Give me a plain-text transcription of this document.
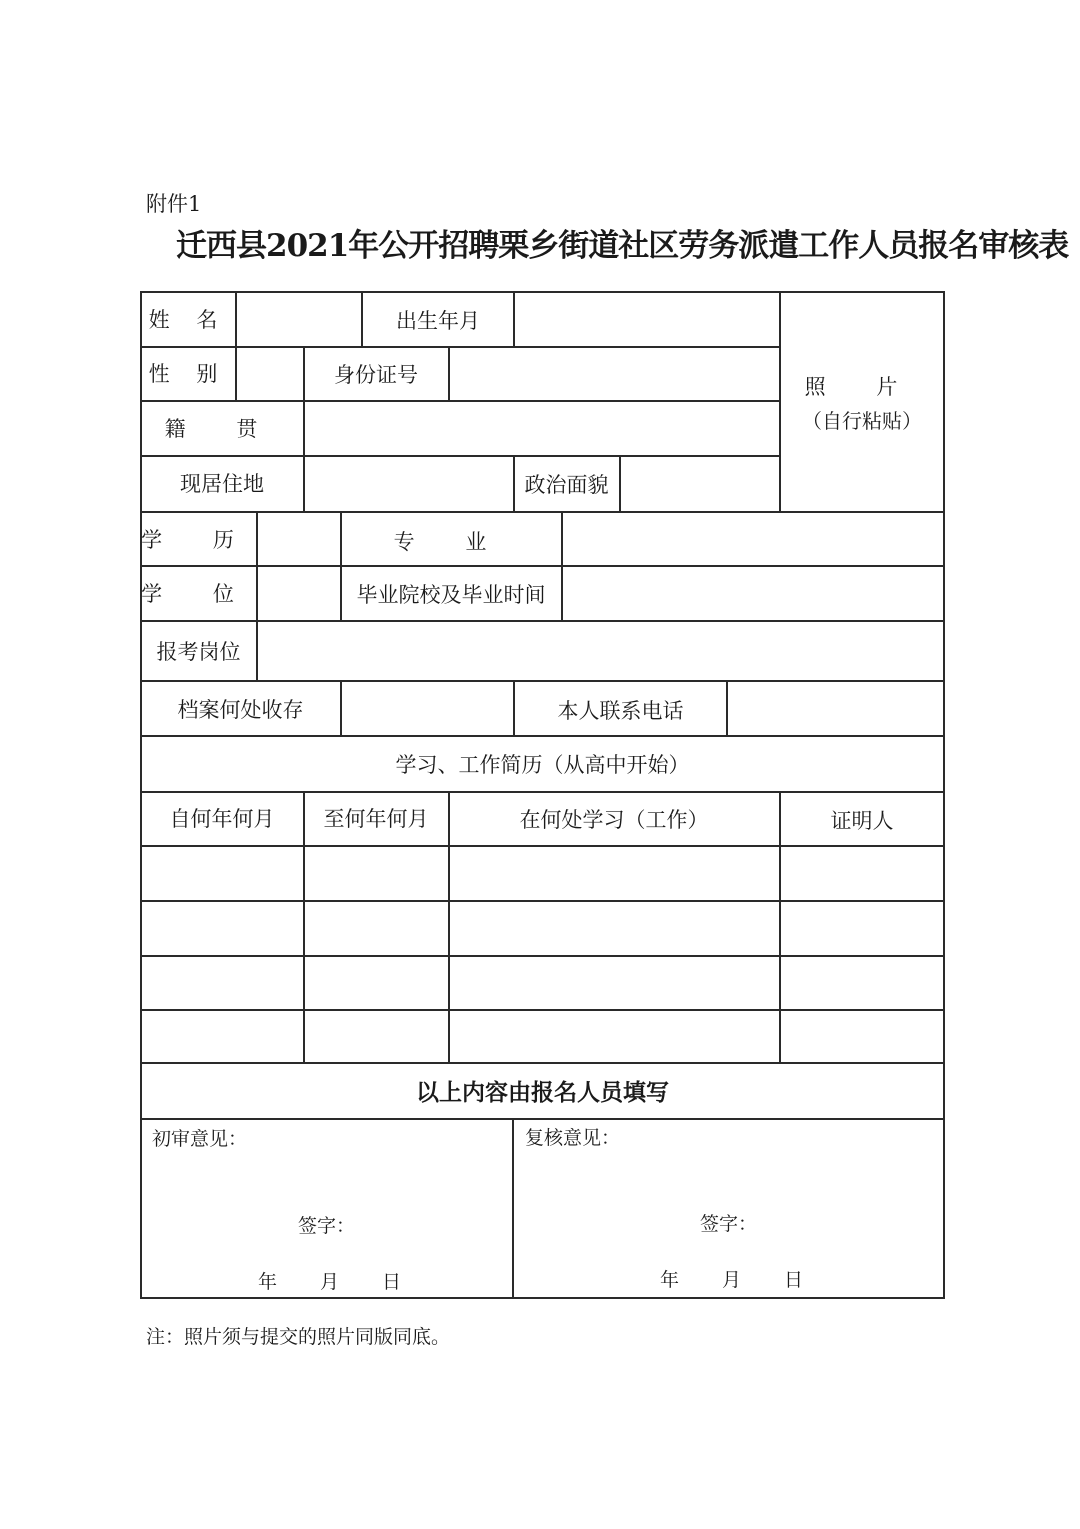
附件1
迁西县2021年公开招聘栗乡街道社区劳务派遣工作人员报名审核表
姓 名	出生年月
照 片
（自行粘贴）
性 别	身份证号
籍 贯
现居住地	政治面貌
学 历	专 业
学 位	毕业院校及毕业时间
报考岗位
档案何处收存	本人联系电话
学习、工作简历（从高中开始）
自何年何月	至何年何月	在何处学习（工作）	证明人
以上内容由报名人员填写
初审意见：
签字：
年 月 日
复核意见：
签字：
年 月 日
注：照片须与提交的照片同版同底。
